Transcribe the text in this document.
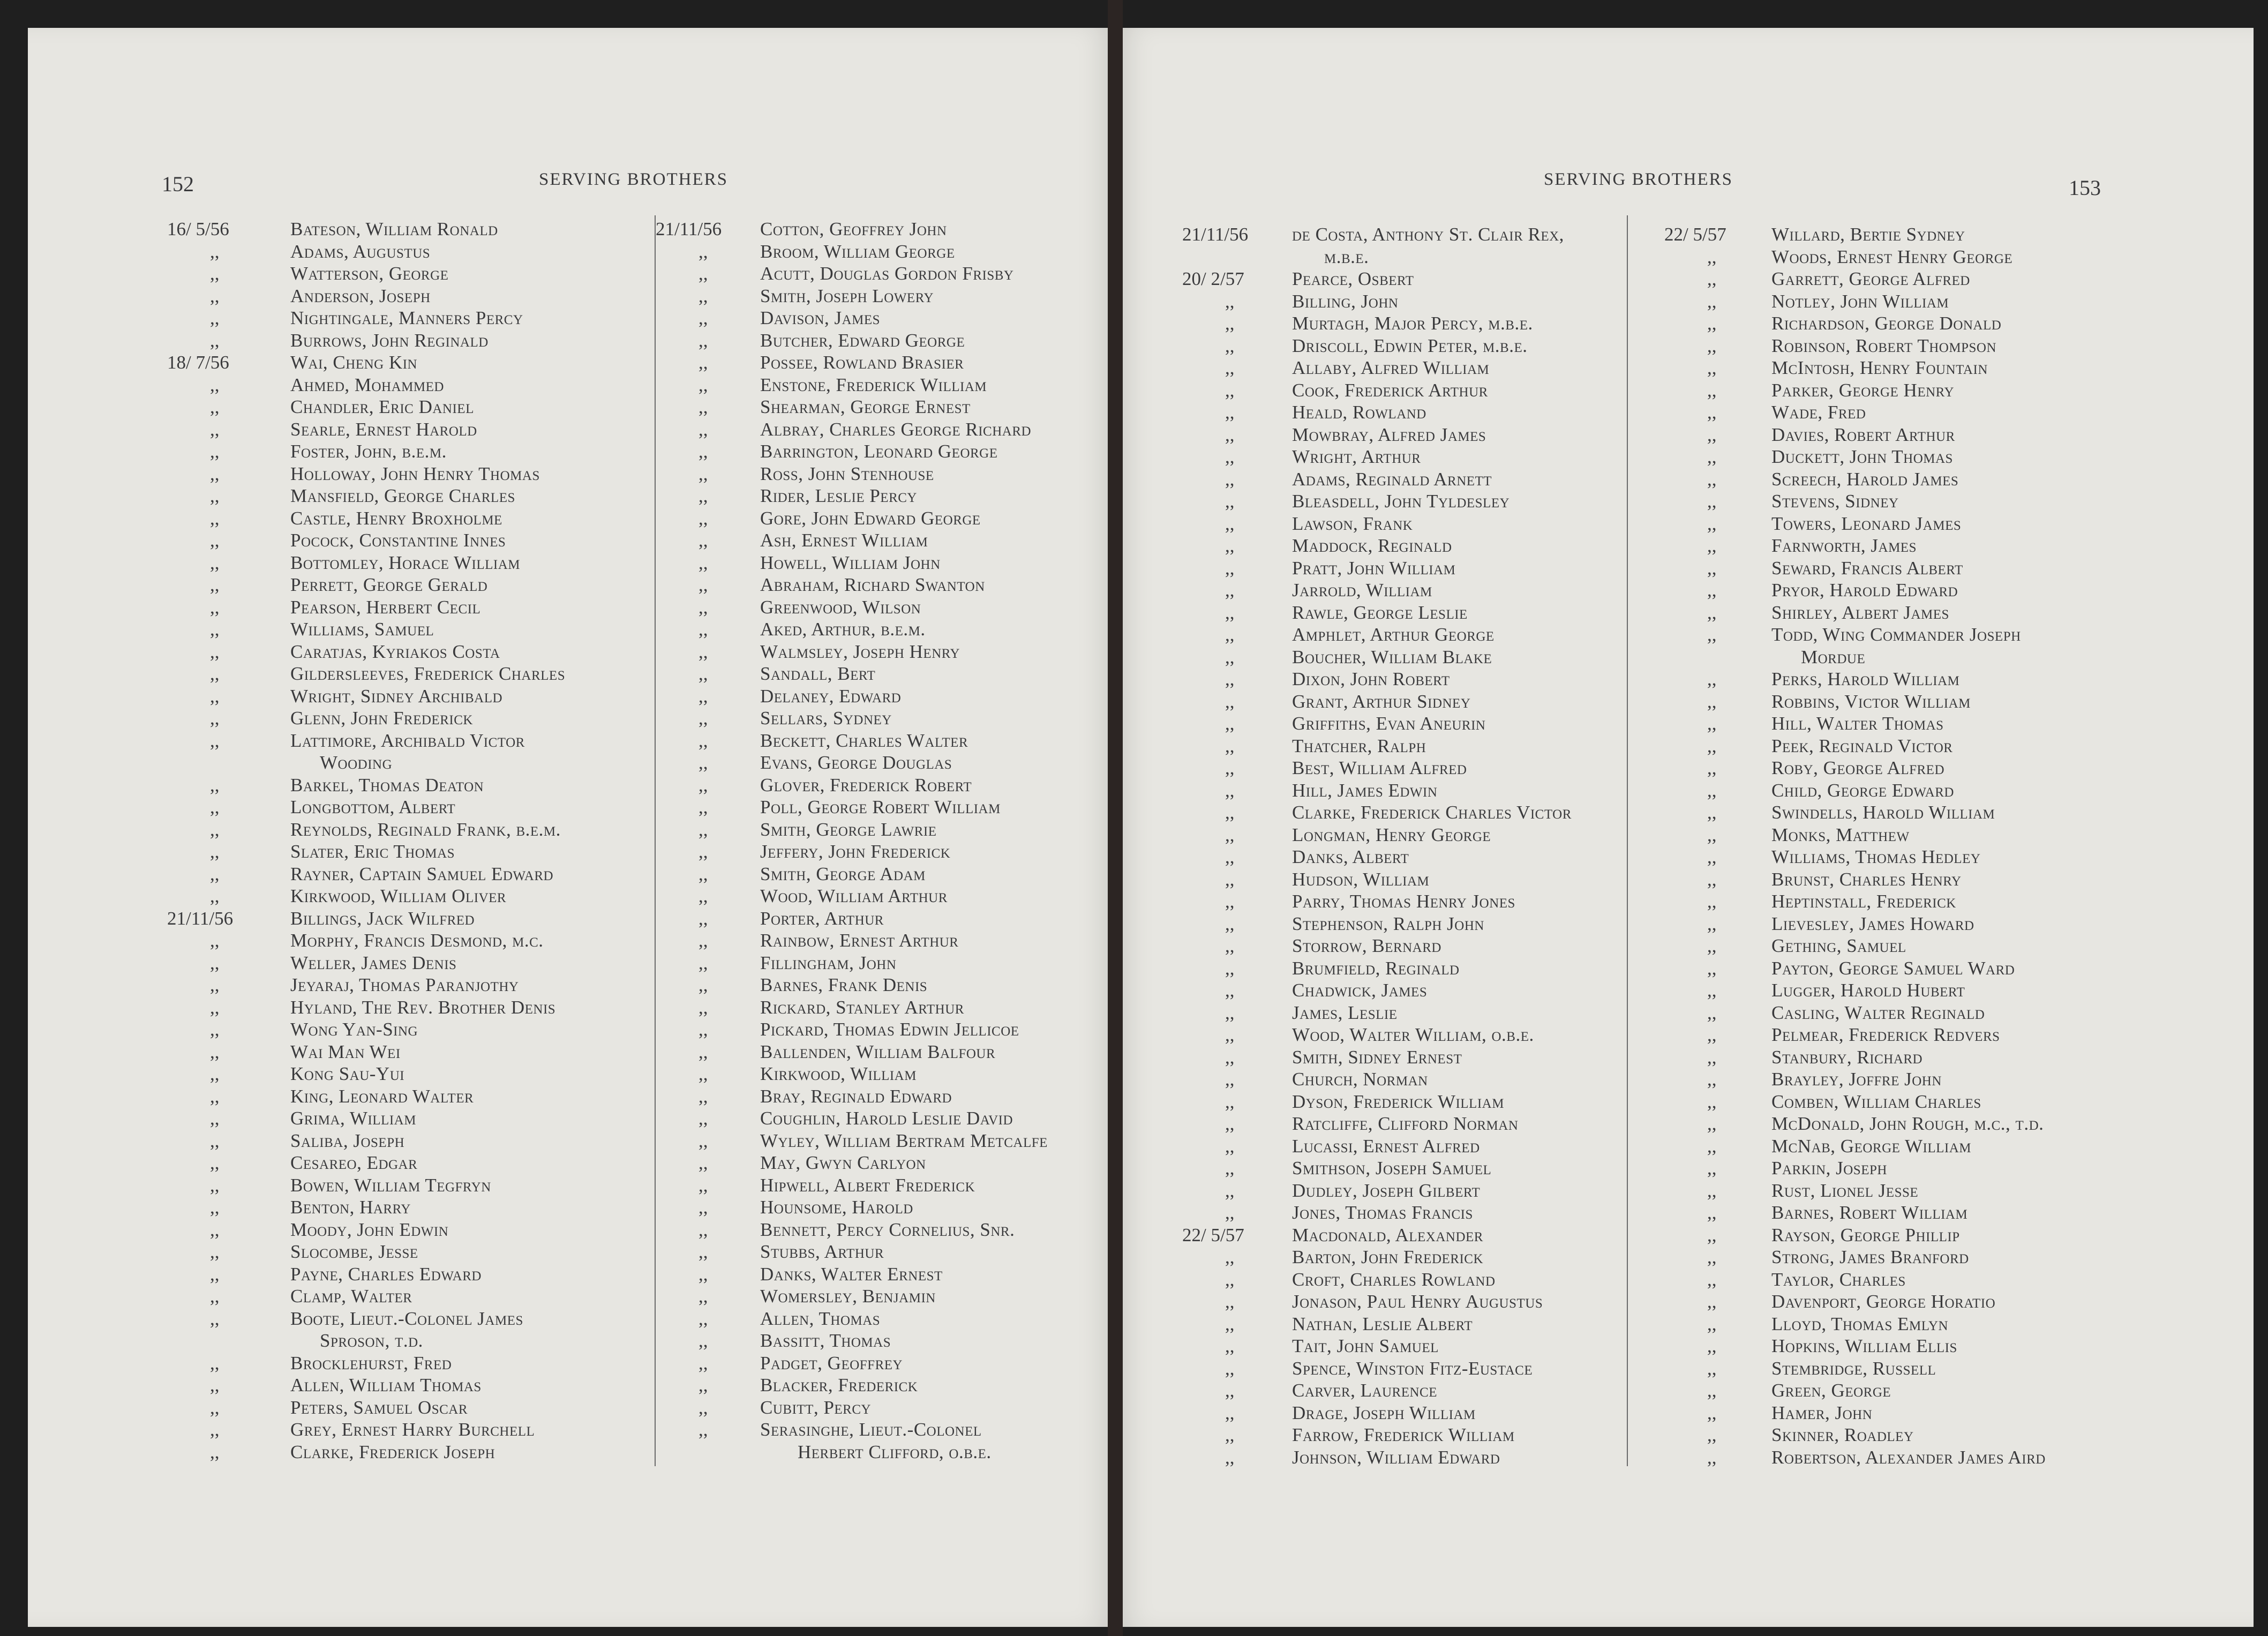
152	SERVING BROTHERS
16/ 5/56	Bateson, William Ronald
,,	Adams, Augustus
,,	Watterson, George
,,	Anderson, Joseph
,,	Nightingale, Manners Percy
,,	Burrows, John Reginald
18/ 7/56	Wai, Cheng Kin
,,	Ahmed, Mohammed
,,	Chandler, Eric Daniel
,,	Searle, Ernest Harold
,,	Foster, John, b.e.m.
,,	Holloway, John Henry Thomas
,,	Mansfield, George Charles
,,	Castle, Henry Broxholme
,,	Pocock, Constantine Innes
,,	Bottomley, Horace William
,,	Perrett, George Gerald
,,	Pearson, Herbert Cecil
,,	Williams, Samuel
,,	Caratjas, Kyriakos Costa
,,	Gildersleeves, Frederick Charles
,,	Wright, Sidney Archibald
,,	Glenn, John Frederick
,,	Lattimore, Archibald Victor
Wooding
,,	Barkel, Thomas Deaton
,,	Longbottom, Albert
,,	Reynolds, Reginald Frank, b.e.m.
,,	Slater, Eric Thomas
,,	Rayner, Captain Samuel Edward
,,	Kirkwood, William Oliver
21/11/56	Billings, Jack Wilfred
,,	Morphy, Francis Desmond, m.c.
,,	Weller, James Denis
,,	Jeyaraj, Thomas Paranjothy
,,	Hyland, The Rev. Brother Denis
,,	Wong Yan-Sing
,,	Wai Man Wei
,,	Kong Sau-Yui
,,	King, Leonard Walter
,,	Grima, William
,,	Saliba, Joseph
,,	Cesareo, Edgar
,,	Bowen, William Tegfryn
,,	Benton, Harry
,,	Moody, John Edwin
,,	Slocombe, Jesse
,,	Payne, Charles Edward
,,	Clamp, Walter
,,	Boote, Lieut.-Colonel James
Sproson, t.d.
,,	Brocklehurst, Fred
,,	Allen, William Thomas
,,	Peters, Samuel Oscar
,,	Grey, Ernest Harry Burchell
,,	Clarke, Frederick Joseph
21/11/56 Cotton, Geoffrey John
,,	Broom, William George
,,	Acutt, Douglas Gordon Frisby
,,	Smith, Joseph Lowery
,,	Davison, James
,,	Butcher, Edward George
,,	Possee, Rowland Brasier
,,	Enstone, Frederick William
,,	Shearman, George Ernest
,,	Albray, Charles George Richard
,,	Barrington, Leonard George
,,	Ross, John Stenhouse
,,	Rider, Leslie Percy
,,	Gore, John Edward George
,,	Ash, Ernest William
,,	Howell, William John
,,	Abraham, Richard Swanton
,,	Greenwood, Wilson
,,	Aked, Arthur, b.e.m.
,,	Walmsley, Joseph Henry
,,	Sandall, Bert
,,	Delaney, Edward
,,	Sellars, Sydney
,,	Beckett, Charles Walter
,,	Evans, George Douglas
,,	Glover, Frederick Robert
,,	Poll, George Robert William
,,	Smith, George Lawrie
,,	Jeffery, John Frederick
,,	Smith, George Adam
,,	Wood, William Arthur
,,	Porter, Arthur
,,	Rainbow, Ernest Arthur
,,	Fillingham, John
,,	Barnes, Frank Denis
,,	Rickard, Stanley Arthur
,,	Pickard, Thomas Edwin Jellicoe
,,	Ballenden, William Balfour
,,	Kirkwood, William
,,	Bray, Reginald Edward
,,	Coughlin, Harold Leslie David
,,	Wyley, William Bertram Metcalfe
,,	May, Gwyn Carlyon
,,	Hipwell, Albert Frederick
,,	Hounsome, Harold
,,	Bennett, Percy Cornelius, Snr.
,,	Stubbs, Arthur
,,	Danks, Walter Ernest
,,	Womersley, Benjamin
,,	Allen, Thomas
,,	Bassitt, Thomas
,,	Padget, Geoffrey
,,	Blacker, Frederick
,,	Cubitt, Percy
,,	Serasinghe, Lieut.-Colonel
Herbert Clifford, o.b.e.
SERVING BROTHERS	153
21/11/56 de Costa, Anthony St. Clair Rex,
m.b.e.
20/ 2/57	Pearce, Osbert
,,	Billing, John
,,	Murtagh, Major Percy, m.b.e.
,,	Driscoll, Edwin Peter, m.b.e.
,,	Allaby, Alfred William
,,	Cook, Frederick Arthur
,,	Heald, Rowland
,,	Mowbray, Alfred James
,,	Wright, Arthur
,,	Adams, Reginald Arnett
,,	Bleasdell, John Tyldesley
,,	Lawson, Frank
,,	Maddock, Reginald
,,	Pratt, John William
,,	Jarrold, William
,,	Rawle, George Leslie
,,	Amphlet, Arthur George
,,	Boucher, William Blake
,,	Dixon, John Robert
,,	Grant, Arthur Sidney
,,	Griffiths, Evan Aneurin
,,	Thatcher, Ralph
,,	Best, William Alfred
,,	Hill, James Edwin
,,	Clarke, Frederick Charles Victor
,,	Longman, Henry George
,,	Danks, Albert
,,	Hudson, William
,,	Parry, Thomas Henry Jones
,,	Stephenson, Ralph John
,,	Storrow, Bernard
,,	Brumfield, Reginald
,,	Chadwick, James
,,	James, Leslie
,,	Wood, Walter William, o.b.e.
,,	Smith, Sidney Ernest
,,	Church, Norman
,,	Dyson, Frederick William
,,	Ratcliffe, Clifford Norman
,,	Lucassi, Ernest Alfred
,,	Smithson, Joseph Samuel
,,	Dudley, Joseph Gilbert
,,	Jones, Thomas Francis
22/ 5/57	Macdonald, Alexander
,,	Barton, John Frederick
,,	Croft, Charles Rowland
,,	Jonason, Paul Henry Augustus
,,	Nathan, Leslie Albert
,,	Tait, John Samuel
,,	Spence, Winston Fitz-Eustace
,,	Carver, Laurence
,,	Drage, Joseph William
,,	Farrow, Frederick William
,,	Johnson, William Edward
22/ 5/57 Willard, Bertie Sydney
,,	Woods, Ernest Henry George
,,	Garrett, George Alfred
,,	Notley, John William
,,	Richardson, George Donald
,,	Robinson, Robert Thompson
,,	McIntosh, Henry Fountain
,,	Parker, George Henry
,,	Wade, Fred
,,	Davies, Robert Arthur
,,	Duckett, John Thomas
,,	Screech, Harold James
,,	Stevens, Sidney
,,	Towers, Leonard James
,,	Farnworth, James
,,	Seward, Francis Albert
,,	Pryor, Harold Edward
,,	Shirley, Albert James
,,	Todd, Wing Commander Joseph
Mordue
,,	Perks, Harold William
,,	Robbins, Victor William
,,	Hill, Walter Thomas
,,	Peek, Reginald Victor
,,	Roby, George Alfred
,,	Child, George Edward
,,	Swindells, Harold William
,,	Monks, Matthew
,,	Williams, Thomas Hedley
,,	Brunst, Charles Henry
,,	Heptinstall, Frederick
,,	Lievesley, James Howard
,,	Gething, Samuel
,,	Payton, George Samuel Ward
,,	Lugger, Harold Hubert
,,	Casling, Walter Reginald
,,	Pelmear, Frederick Redvers
,,	Stanbury, Richard
,,	Brayley, Joffre John
,,	Comben, William Charles
,,	McDonald, John Rough, m.c., t.d.
,,	McNab, George William
,,	Parkin, Joseph
,,	Rust, Lionel Jesse
,,	Barnes, Robert William
,,	Rayson, George Phillip
,,	Strong, James Branford
,,	Taylor, Charles
,,	Davenport, George Horatio
,,	Lloyd, Thomas Emlyn
,,	Hopkins, William Ellis
,,	Stembridge, Russell
,,	Green, George
,,	Hamer, John
,,	Skinner, Roadley
,,	Robertson, Alexander James Aird
